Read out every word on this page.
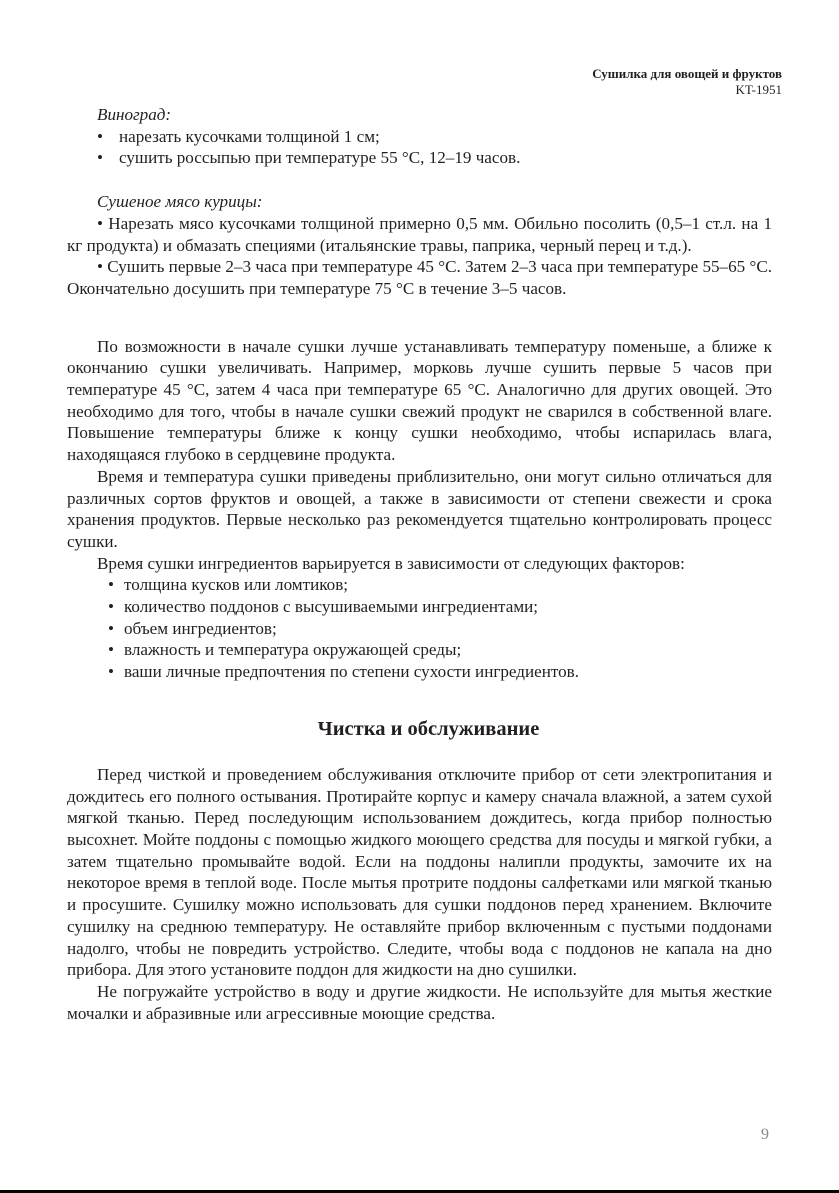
Сушилка для овощей и фруктов
KT-1951

Виноград:

• нарезать кусочками толщиной 1 см;
• сушить россыпью при температуре 55 °C, 12–19 часов.

Сушеное мясо курицы:

• Нарезать мясо кусочками толщиной примерно 0,5 мм. Обильно посолить (0,5–1 ст.л. на 1 кг продукта) и обмазать специями (итальянские травы, паприка, черный перец и т.д.).

• Сушить первые 2–3 часа при температуре 45 °C. Затем 2–3 часа при температуре 55–65 °C. Окончательно досушить при температуре 75 °C в течение 3–5 часов.

По возможности в начале сушки лучше устанавливать температуру поменьше, а ближе к окончанию сушки увеличивать. Например, морковь лучше сушить первые 5 часов при температуре 45 °C, затем 4 часа при температуре 65 °C. Аналогично для других овощей. Это необходимо для того, чтобы в начале сушки свежий продукт не сварился в собственной влаге. Повышение температуры ближе к концу сушки необходимо, чтобы испарилась влага, находящаяся глубоко в сердцевине продукта.

Время и температура сушки приведены приблизительно, они могут сильно отличаться для различных сортов фруктов и овощей, а также в зависимости от степени свежести и срока хранения продуктов. Первые несколько раз рекомендуется тщательно контролировать процесс сушки.

Время сушки ингредиентов варьируется в зависимости от следующих факторов:

• толщина кусков или ломтиков;
• количество поддонов с высушиваемыми ингредиентами;
• объем ингредиентов;
• влажность и температура окружающей среды;
• ваши личные предпочтения по степени сухости ингредиентов.
Чистка и обслуживание

Перед чисткой и проведением обслуживания отключите прибор от сети электропитания и дождитесь его полного остывания. Протирайте корпус и камеру сначала влажной, а затем сухой мягкой тканью. Перед последующим использованием дождитесь, когда прибор полностью высохнет. Мойте поддоны с помощью жидкого моющего средства для посуды и мягкой губки, а затем тщательно промывайте водой. Если на поддоны налипли продукты, замочите их на некоторое время в теплой воде. После мытья протрите поддоны салфетками или мягкой тканью и просушите. Сушилку можно использовать для сушки поддонов перед хранением. Включите сушилку на среднюю температуру. Не оставляйте прибор включенным с пустыми поддонами надолго, чтобы не повредить устройство. Следите, чтобы вода с поддонов не капала на дно прибора. Для этого установите поддон для жидкости на дно сушилки.

Не погружайте устройство в воду и другие жидкости. Не используйте для мытья жесткие мочалки и абразивные или агрессивные моющие средства.

9
